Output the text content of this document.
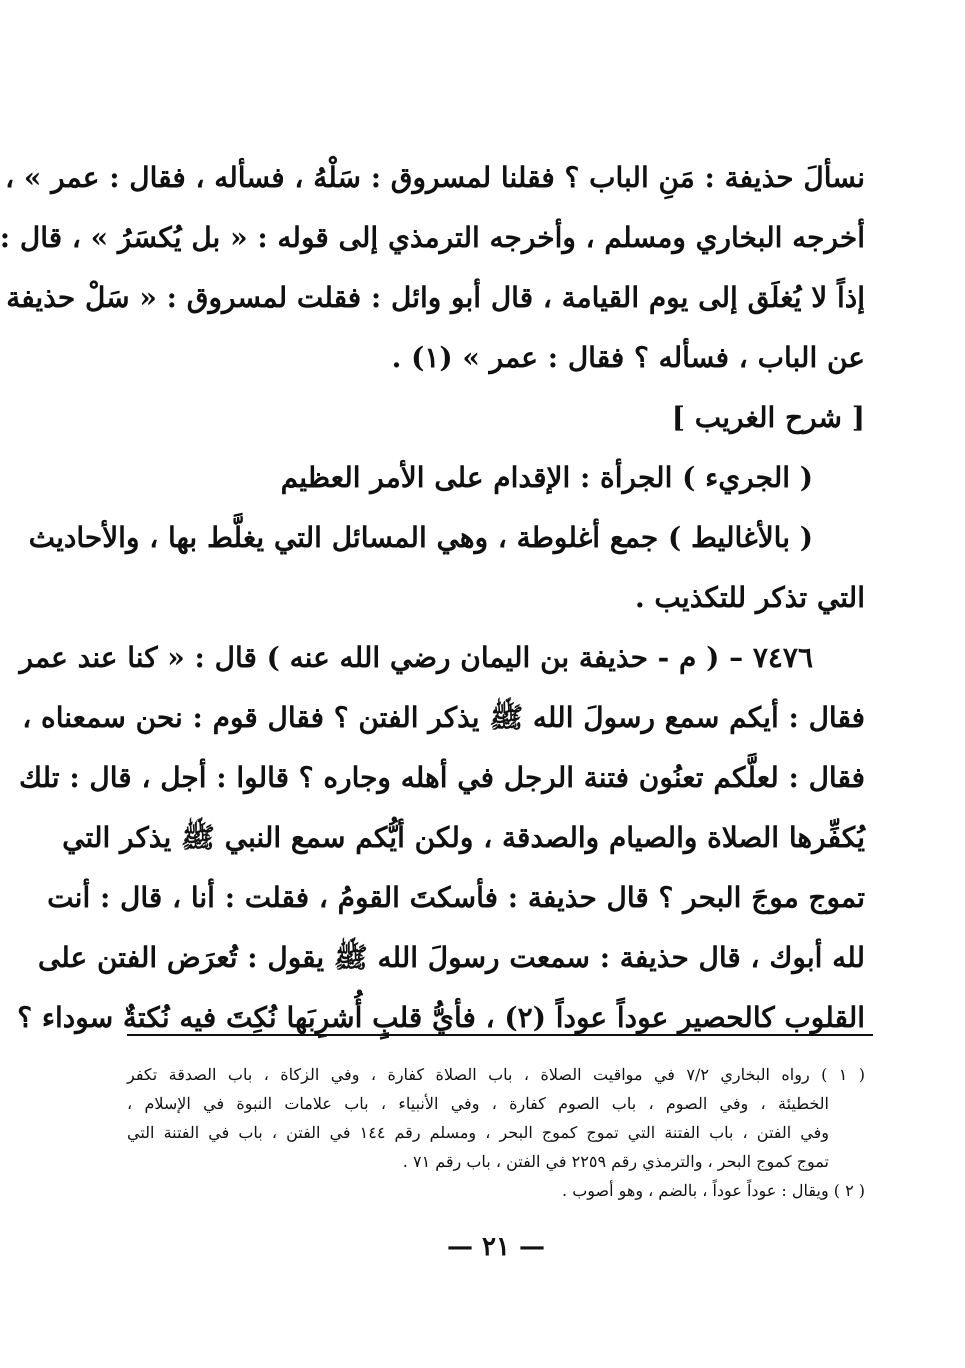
نسألَ حذيفة : مَنِ الباب ؟ فقلنا لمسروق : سَلْهُ ، فسأله ، فقال : عمر » ،
أخرجه البخاري ومسلم ، وأخرجه الترمذي إلى قوله : « بل يُكسَرُ » ، قال :
إذاً لا يُغلَق إلى يوم القيامة ، قال أبو وائل : فقلت لمسروق : « سَلْ حذيفة
عن الباب ، فسأله ؟ فقال : عمر » (١) .
[ شرح الغريب ]
( الجريء ) الجرأة : الإقدام على الأمر العظيم
( بالأغاليط ) جمع أغلوطة ، وهي المسائل التي يغلَّط بها ، والأحاديث
التي تذكر للتكذيب .
٧٤٧٦ – ( م - حذيفة بن اليمان رضي الله عنه ) قال : « كنا عند عمر
فقال : أيكم سمع رسولَ الله ﷺ يذكر الفتن ؟ فقال قوم : نحن سمعناه ،
فقال : لعلَّكم تعنُون فتنة الرجل في أهله وجاره ؟ قالوا : أجل ، قال : تلك
يُكفِّرها الصلاة والصيام والصدقة ، ولكن أيُّكم سمع النبي ﷺ يذكر التي
تموج موجَ البحر ؟ قال حذيفة : فأسكتَ القومُ ، فقلت : أنا ، قال : أنت
لله أبوك ، قال حذيفة : سمعت رسولَ الله ﷺ يقول : تُعرَض الفتن على
القلوب كالحصير عوداً عوداً (٢) ، فأيُّ قلبٍ أُشرِبَها نُكِتَ فيه نُكتةٌ سوداء ؟
( ١ ) رواه البخاري ٧/٢ في مواقيت الصلاة ، باب الصلاة كفارة ، وفي الزكاة ، باب الصدقة تكفر
الخطيئة ، وفي الصوم ، باب الصوم كفارة ، وفي الأنبياء ، باب علامات النبوة في الإسلام ،
وفي الفتن ، باب الفتنة التي تموج كموج البحر ، ومسلم رقم ١٤٤ في الفتن ، باب في الفتنة التي
تموج كموج البحر ، والترمذي رقم ٢٢٥٩ في الفتن ، باب رقم ٧١ .
( ٢ ) ويقال : عوداً عوداً ، بالضم ، وهو أصوب .
— ٢١ —
